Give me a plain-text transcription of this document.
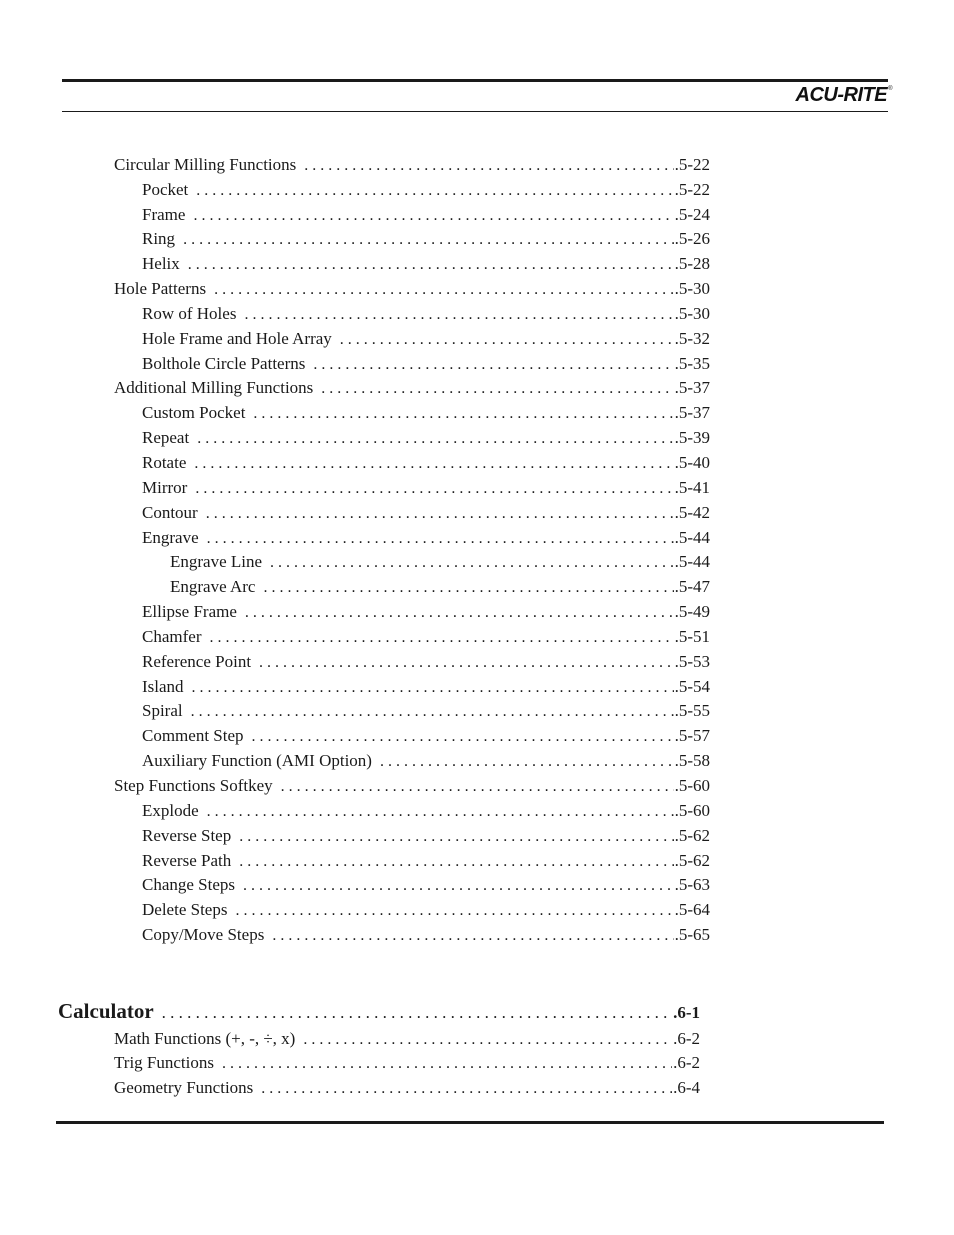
ACU-RITE®
Circular Milling Functions . . .	.5-22
Pocket . . .	.5-22
Frame . . .	.5-24
Ring . . .	.5-26
Helix . . .	.5-28
Hole Patterns . . .	.5-30
Row of Holes . . .	.5-30
Hole Frame and Hole Array . . .	.5-32
Bolthole Circle Patterns . . .	.5-35
Additional Milling Functions . . .	.5-37
Custom Pocket . . .	.5-37
Repeat . . .	.5-39
Rotate . . .	.5-40
Mirror . . .	.5-41
Contour . . .	.5-42
Engrave . . .	.5-44
Engrave Line . . .	.5-44
Engrave Arc . . .	.5-47
Ellipse Frame . . .	.5-49
Chamfer . . .	.5-51
Reference Point . . .	.5-53
Island . . .	.5-54
Spiral . . .	.5-55
Comment Step . . .	.5-57
Auxiliary Function (AMI Option) . . .	.5-58
Step Functions Softkey . . .	.5-60
Explode . . .	.5-60
Reverse Step . . .	.5-62
Reverse Path . . .	.5-62
Change Steps . . .	.5-63
Delete Steps . . .	.5-64
Copy/Move Steps . . .	.5-65
Calculator . . .	.6-1
Math Functions (+, -, ÷, x) . . .	.6-2
Trig Functions . . .	.6-2
Geometry Functions . . .	.6-4
